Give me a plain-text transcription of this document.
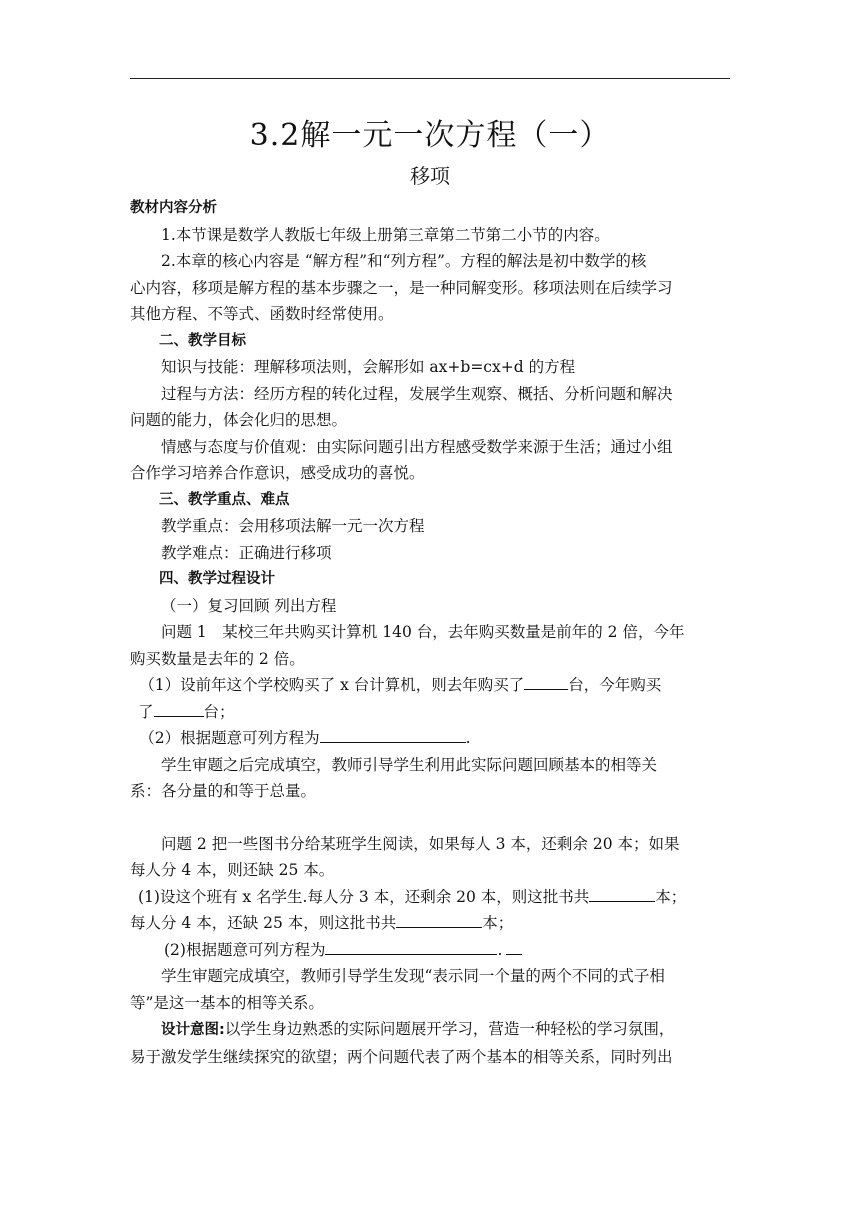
3.2解一元一次方程（一）
移项

教材内容分析

1.本节课是数学人教版七年级上册第三章第二节第二小节的内容。

2.本章的核心内容是 “解方程”和“列方程”。方程的解法是初中数学的核
心内容，移项是解方程的基本步骤之一，是一种同解变形。移项法则在后续学习
其他方程、不等式、函数时经常使用。

二、教学目标

知识与技能：理解移项法则，会解形如 ax+b=cx+d 的方程

过程与方法：经历方程的转化过程，发展学生观察、概括、分析问题和解决
问题的能力，体会化归的思想。

情感与态度与价值观：由实际问题引出方程感受数学来源于生活；通过小组
合作学习培养合作意识，感受成功的喜悦。

三、教学重点、难点

教学重点：会用移项法解一元一次方程

教学难点：正确进行移项

四、教学过程设计

（一）复习回顾 列出方程

问题 1　某校三年共购买计算机 140 台，去年购买数量是前年的 2 倍，今年
购买数量是去年的 2 倍。

（1）设前年这个学校购买了 x 台计算机，则去年购买了	台，今年购买
了	台；

（2）根据题意可列方程为	.

学生审题之后完成填空，教师引导学生利用此实际问题回顾基本的相等关
系：各分量的和等于总量。

问题 2 把一些图书分给某班学生阅读，如果每人 3 本，还剩余 20 本；如果
每人分 4 本，则还缺 25 本。

(1)设这个班有 x 名学生.每人分 3 本，还剩余 20 本，则这批书共	本；
每人分 4 本，还缺 25 本，则这批书共	本；

(2)根据题意可列方程为	.

学生审题完成填空，教师引导学生发现“表示同一个量的两个不同的式子相
等”是这一基本的相等关系。

设计意图:以学生身边熟悉的实际问题展开学习，营造一种轻松的学习氛围，
易于激发学生继续探究的欲望；两个问题代表了两个基本的相等关系，同时列出
